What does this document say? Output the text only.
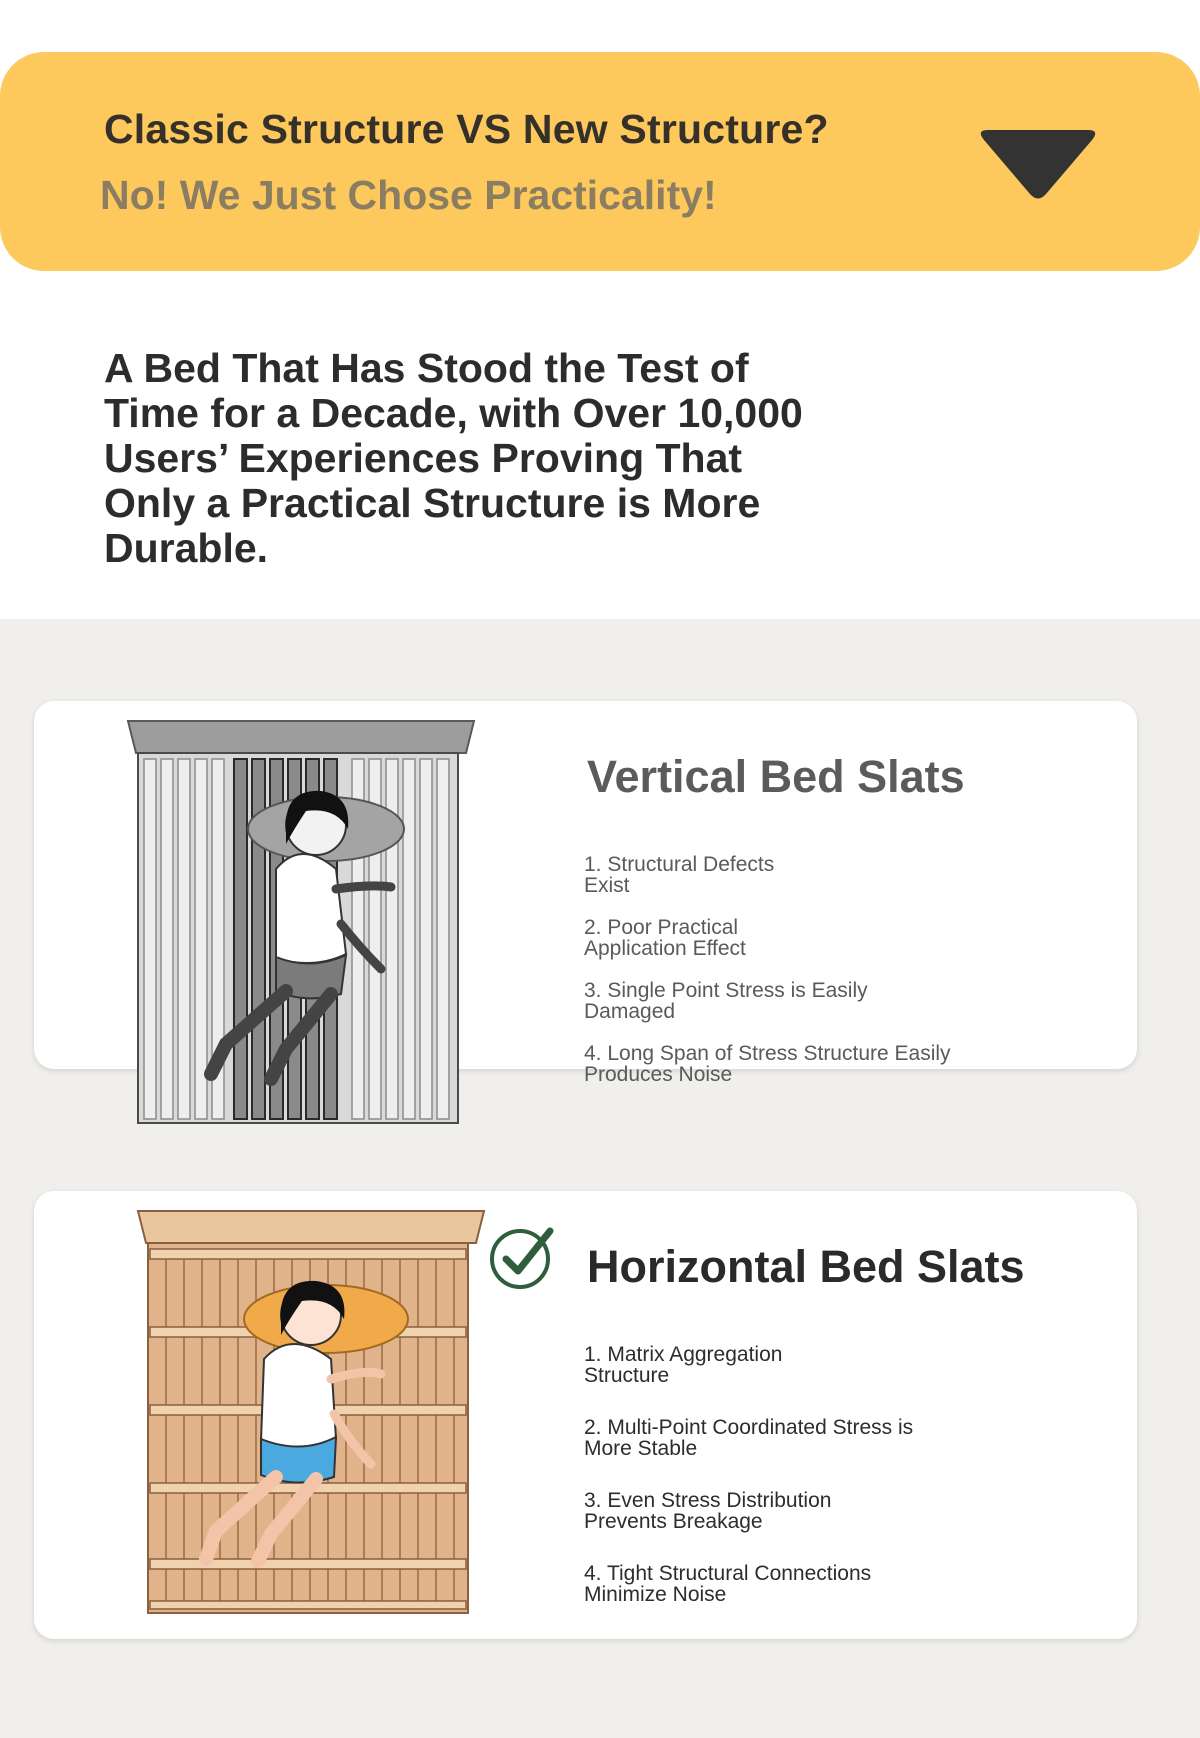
Classic Structure VS New Structure?
No! We Just Chose Practicality!
A Bed That Has Stood the Test of
Time for a Decade, with Over 10,000
Users’ Experiences Proving That
Only a Practical Structure is More
Durable.
Vertical Bed Slats
1. Structural Defects Exist
2. Poor Practical Application Effect
3. Single Point Stress is Easily Damaged
4. Long Span of Stress Structure Easily Produces Noise
Horizontal Bed Slats
1. Matrix Aggregation Structure
2. Multi-Point Coordinated Stress is More Stable
3. Even Stress Distribution Prevents Breakage
4. Tight Structural Connections Minimize Noise
